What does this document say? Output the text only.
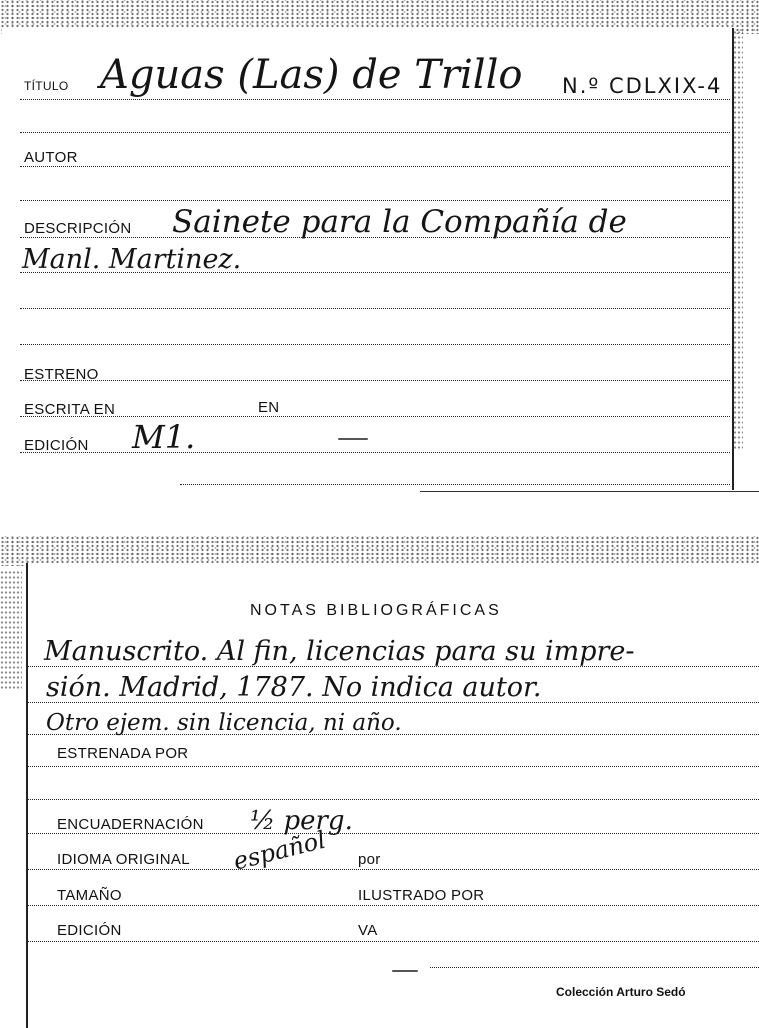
TÍTULO Aguas (Las) de Trillo N.º CDLXIX-4
AUTOR
DESCRIPCIÓN Sainete para la Compañía de
Manl. Martinez.
ESTRENO
ESCRITA EN	EN
EDICIÓN M1.
NOTAS BIBLIOGRÁFICAS
Manuscrito. Al fin, licencias para su impre-
sión. Madrid, 1787. No indica autor.
Otro ejem. sin licencia, ni año.
ESTRENADA POR
ENCUADERNACIÓN ½ perg.
IDIOMA ORIGINAL español por
TAMAÑO	ILUSTRADO POR
EDICIÓN	VA
Colección Arturo Sedó
